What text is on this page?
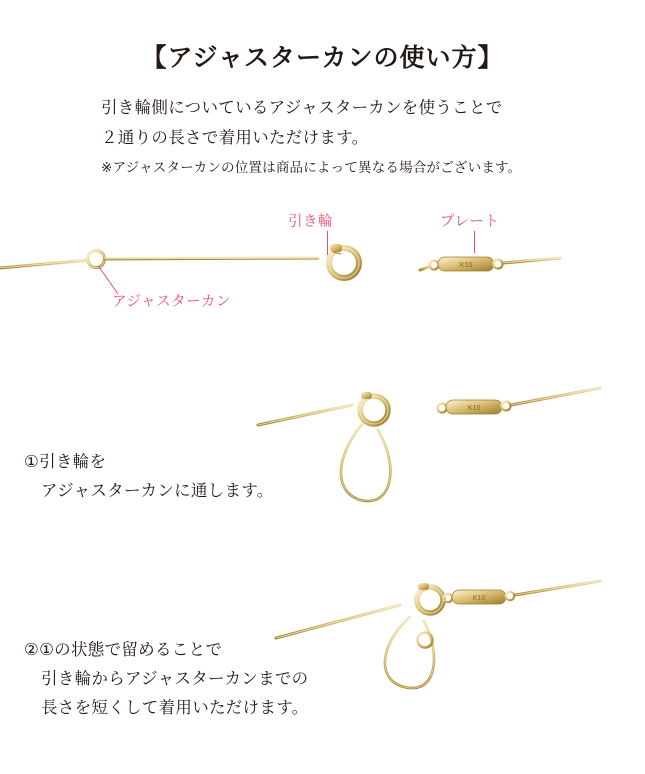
【アジャスターカンの使い方】
引き輪側についているアジャスターカンを使うことで
２通りの長さで着用いただけます。
※アジャスターカンの位置は商品によって異なる場合がございます。
K10
引き輪	プレート
アジャスターカン
K10
①引き輪を
アジャスターカンに通します。
K10
②①の状態で留めることで
引き輪からアジャスターカンまでの
長さを短くして着用いただけます。
